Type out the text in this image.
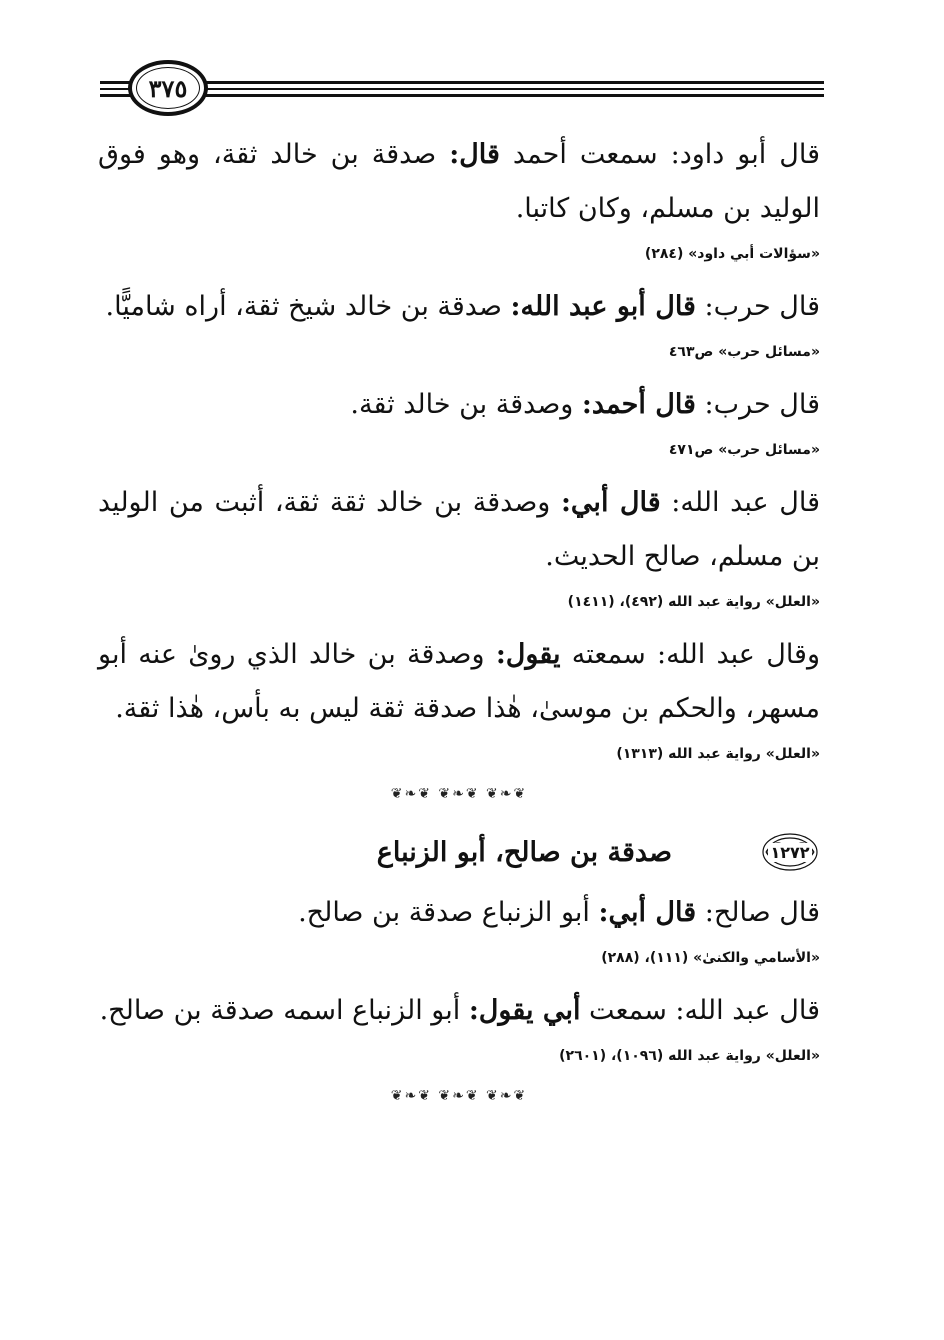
٣٧٥

قال أبو داود: سمعت أحمد قال: صدقة بن خالد ثقة، وهو فوق الوليد بن مسلم، وكان كاتبا.

«سؤالات أبي داود» (٢٨٤)

قال حرب: قال أبو عبد الله: صدقة بن خالد شيخ ثقة، أراه شاميًّا.

«مسائل حرب» ص٤٦٣

قال حرب: قال أحمد: وصدقة بن خالد ثقة.

«مسائل حرب» ص٤٧١

قال عبد الله: قال أبي: وصدقة بن خالد ثقة ثقة، أثبت من الوليد بن مسلم، صالح الحديث.

«العلل» رواية عبد الله (٤٩٢)، (١٤١١)

وقال عبد الله: سمعته يقول: وصدقة بن خالد الذي روىٰ عنه أبو مسهر، والحكم بن موسىٰ، هٰذا صدقة ثقة ليس به بأس، هٰذا ثقة.

«العلل» رواية عبد الله (١٣١٣)
❦❧❦ ❦❧❦ ❦❧❦
١٢٧٢
صدقة بن صالح، أبو الزنباع

قال صالح: قال أبي: أبو الزنباع صدقة بن صالح.

«الأسامي والكنىٰ» (١١١)، (٢٨٨)

قال عبد الله: سمعت أبي يقول: أبو الزنباع اسمه صدقة بن صالح.

«العلل» رواية عبد الله (١٠٩٦)، (٢٦٠١)
❦❧❦ ❦❧❦ ❦❧❦
